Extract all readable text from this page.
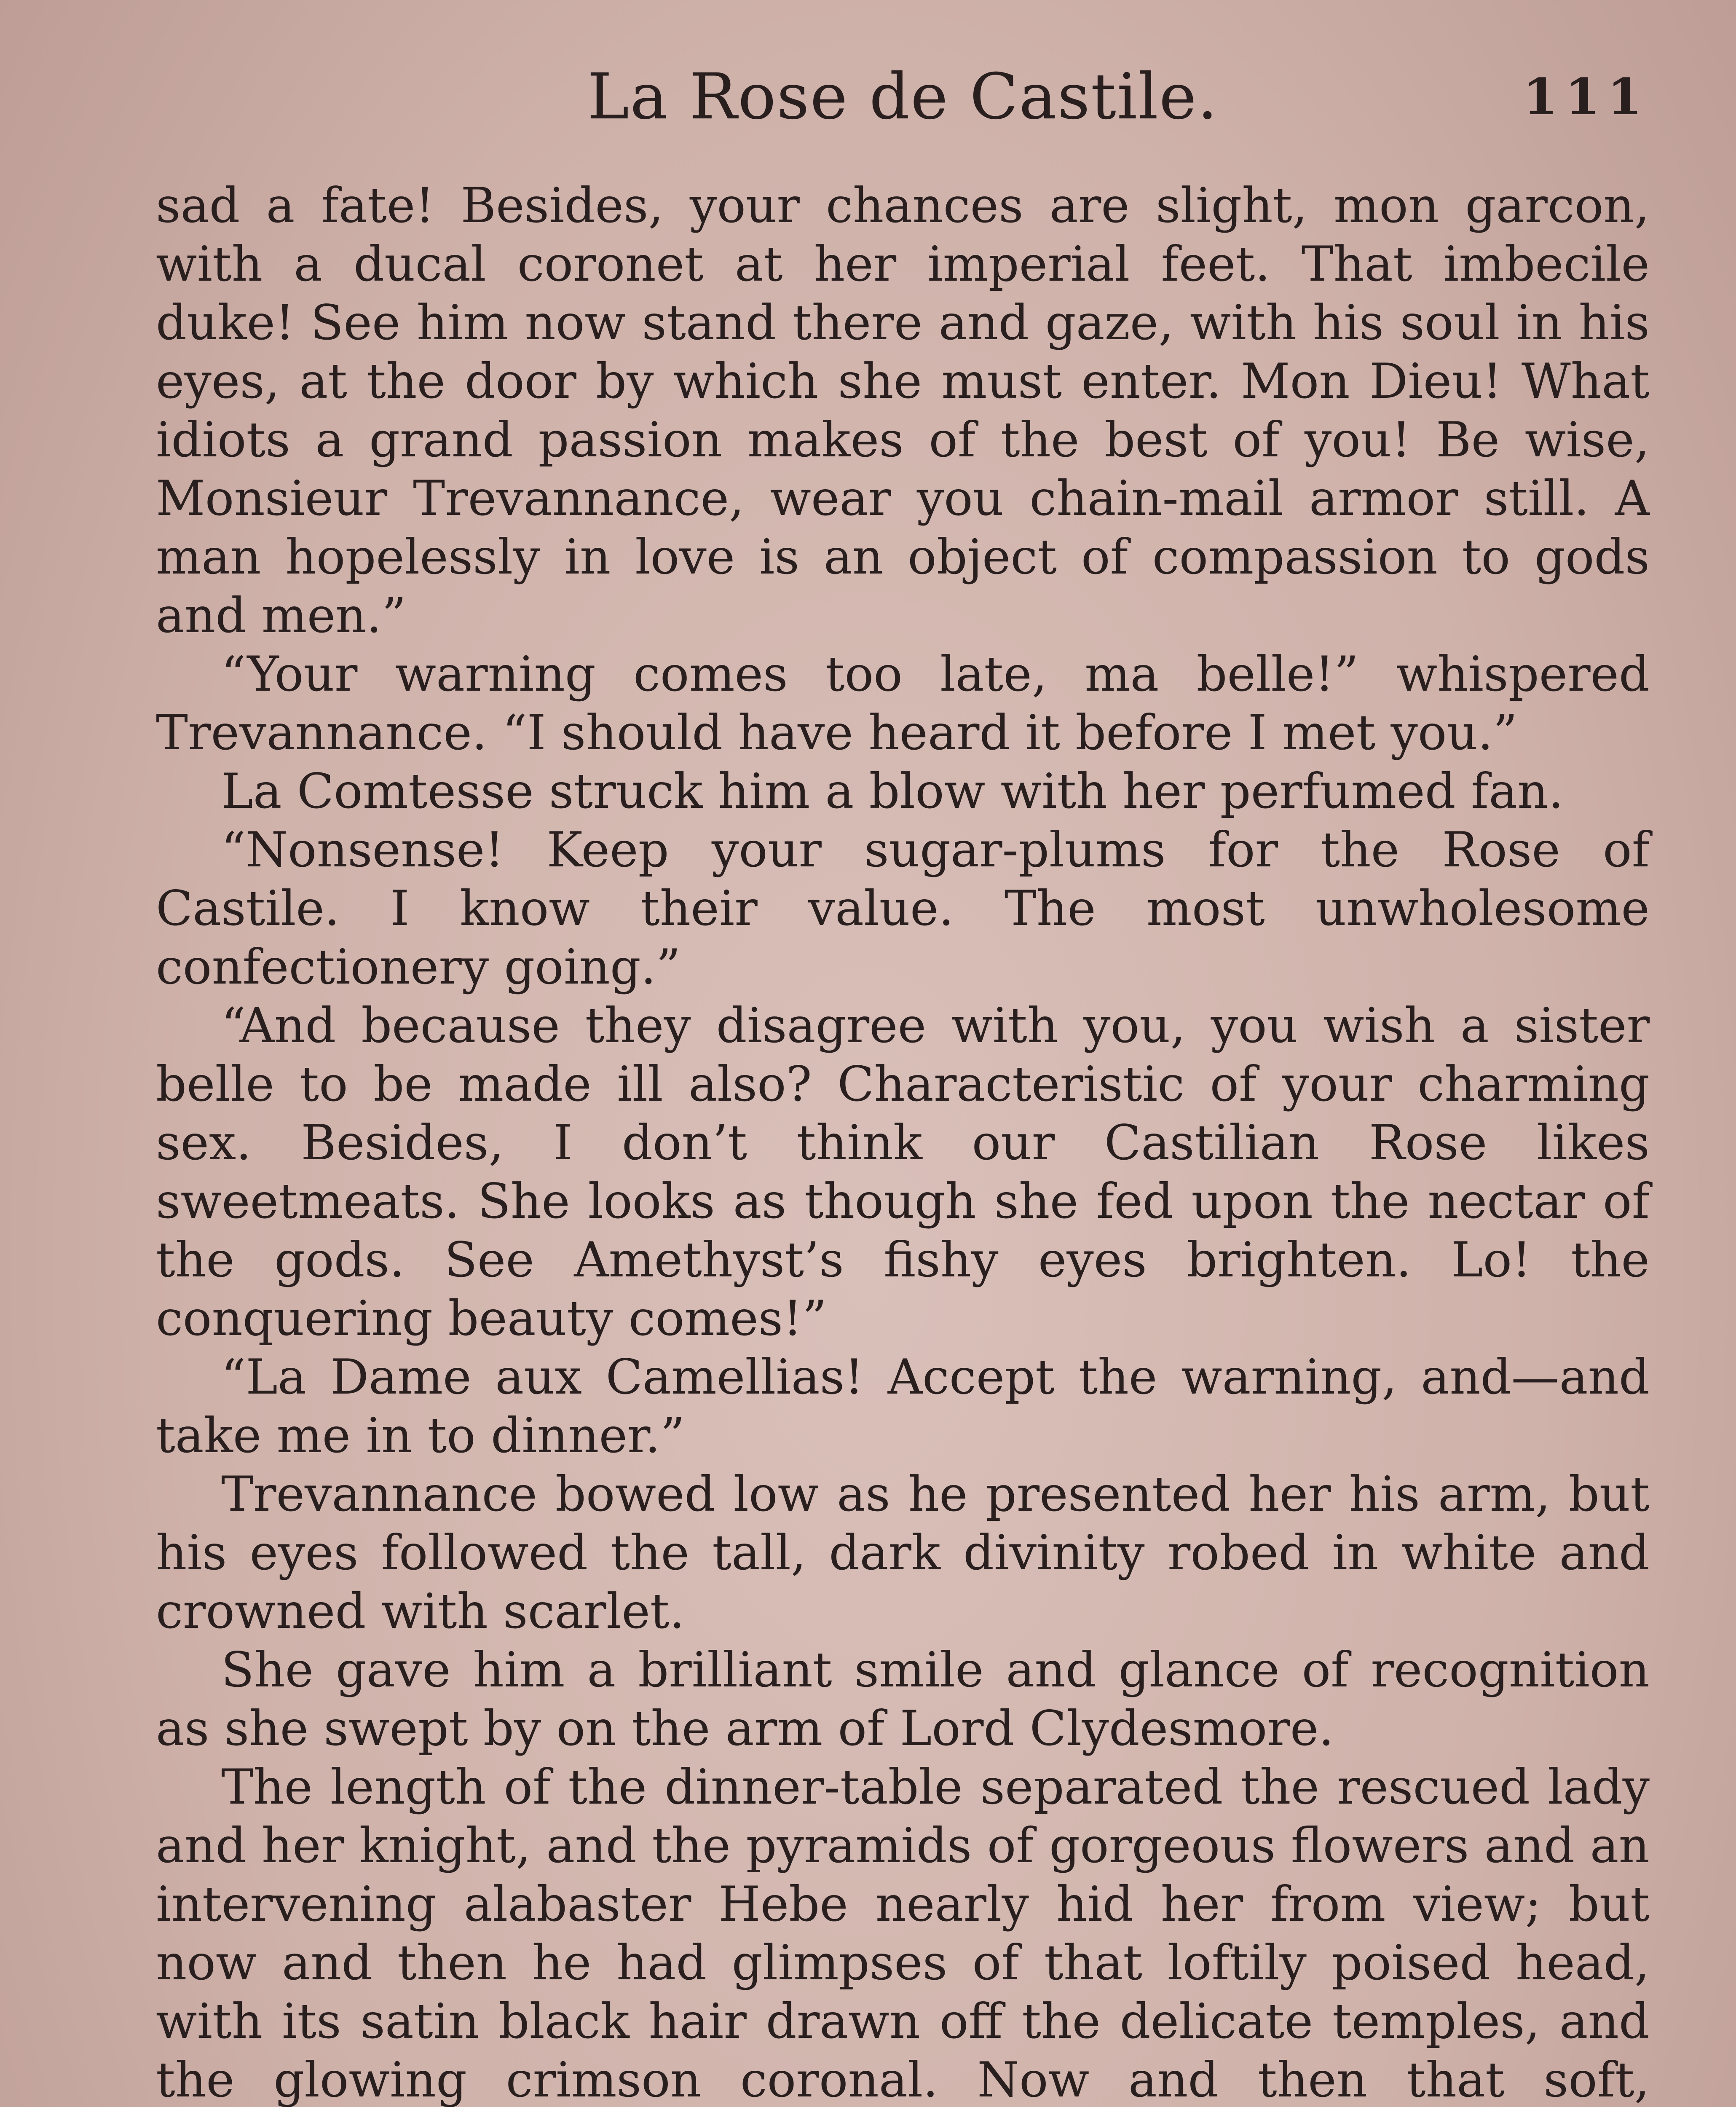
La Rose de Castile.	111

sad a fate! Besides, your chances are slight, mon garcon, with a ducal coronet at her imperial feet. That imbecile duke! See him now stand there and gaze, with his soul in his eyes, at the door by which she must enter. Mon Dieu! What idiots a grand passion makes of the best of you! Be wise, Monsieur Trevannance, wear you chain-mail armor still. A man hopelessly in love is an object of compassion to gods and men.”

“Your warning comes too late, ma belle!” whispered Trevannance. “I should have heard it before I met you.”

La Comtesse struck him a blow with her perfumed fan.

“Nonsense! Keep your sugar-plums for the Rose of Castile. I know their value. The most unwholesome confectionery going.”

“And because they disagree with you, you wish a sister belle to be made ill also? Characteristic of your charming sex. Besides, I don’t think our Castilian Rose likes sweetmeats. She looks as though she fed upon the nectar of the gods. See Amethyst’s fishy eyes brighten. Lo! the conquering beauty comes!”

“La Dame aux Camellias! Accept the warning, and—and take me in to dinner.”

Trevannance bowed low as he presented her his arm, but his eyes followed the tall, dark divinity robed in white and crowned with scarlet.

She gave him a brilliant smile and glance of recognition as she swept by on the arm of Lord Clydesmore.

The length of the dinner-table separated the rescued lady and her knight, and the pyramids of gorgeous flowers and an intervening alabaster Hebe nearly hid her from view; but now and then he had glimpses of that loftily poised head, with its satin black hair drawn off the delicate temples, and the glowing crimson coronal. Now and then that soft,
